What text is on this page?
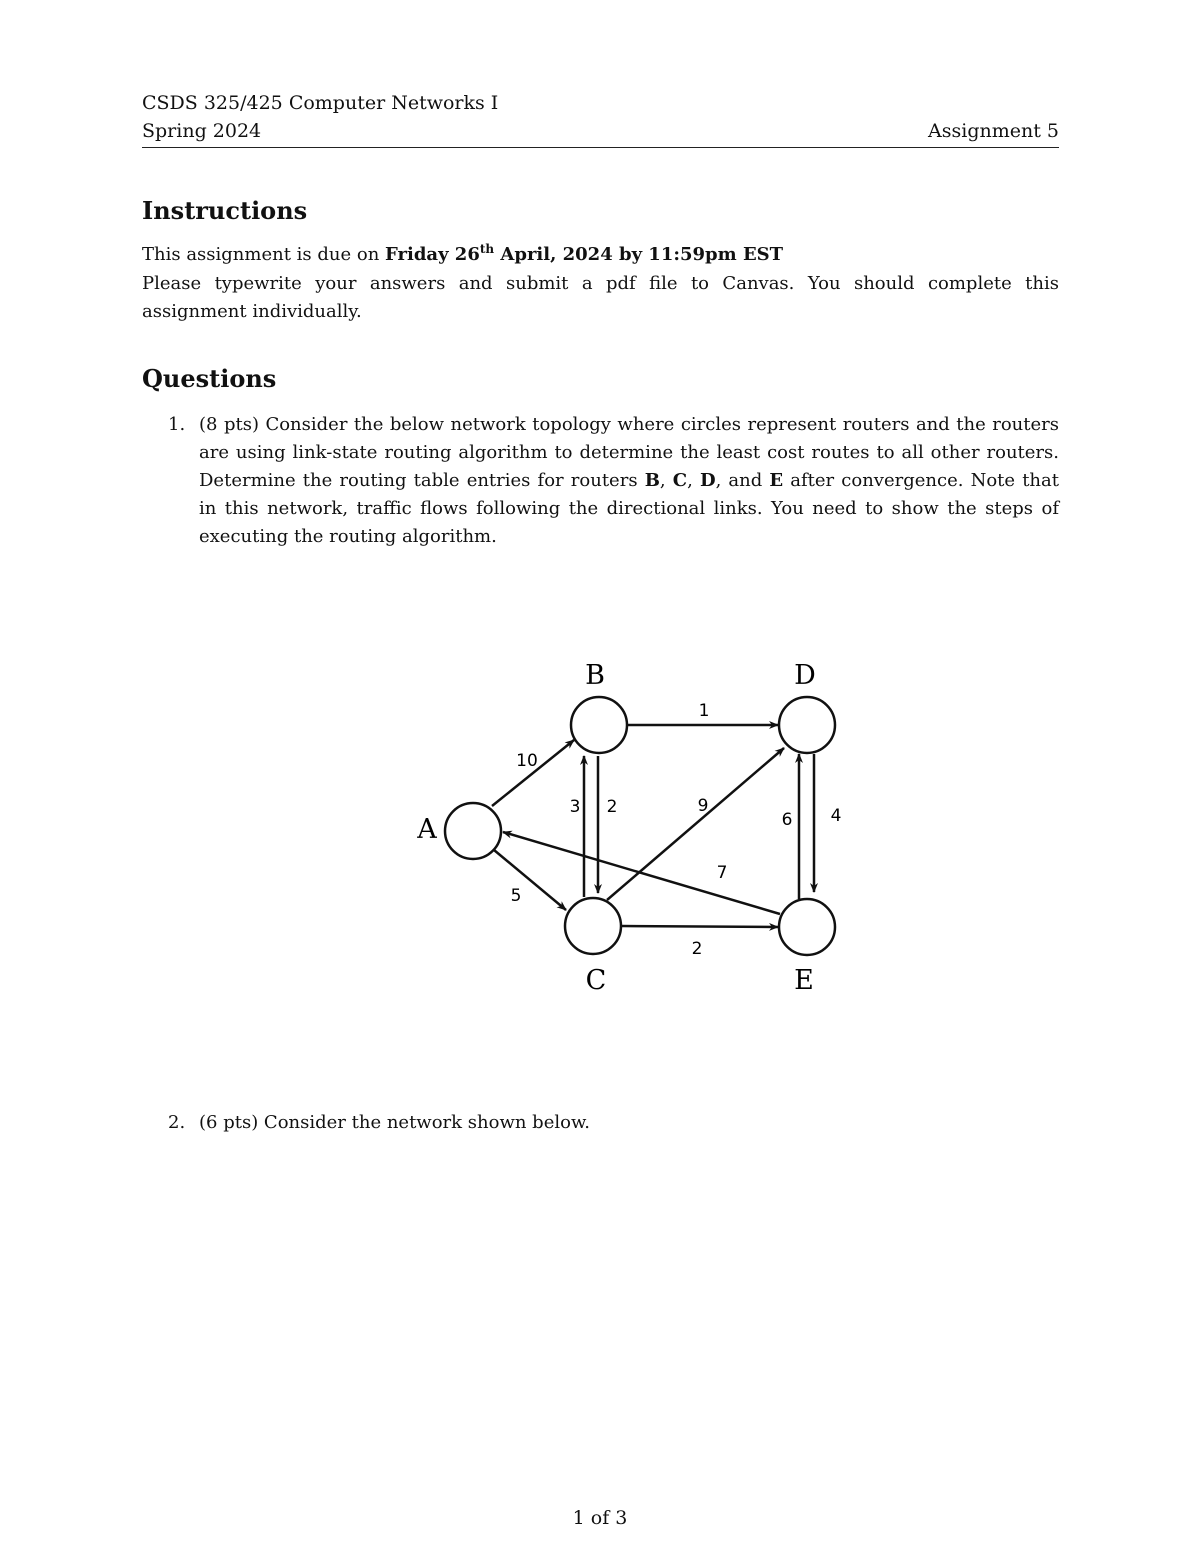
CSDS 325/425 Computer Networks I
Spring 2024	Assignment 5
Instructions
This assignment is due on Friday 26th April, 2024 by 11:59pm EST
Please typewrite your answers and submit a pdf file to Canvas. You should complete this assignment individually.
Questions
1. (8 pts) Consider the below network topology where circles represent routers and the routers are using link-state routing algorithm to determine the least cost routes to all other routers. Determine the routing table entries for routers B, C, D, and E after convergence. Note that in this network, traffic flows following the directional links. You need to show the steps of executing the routing algorithm.
B	D
A
C	E
10
5
3 2
1
9
2
6 4
7
2. (6 pts) Consider the network shown below.
1 of 3
